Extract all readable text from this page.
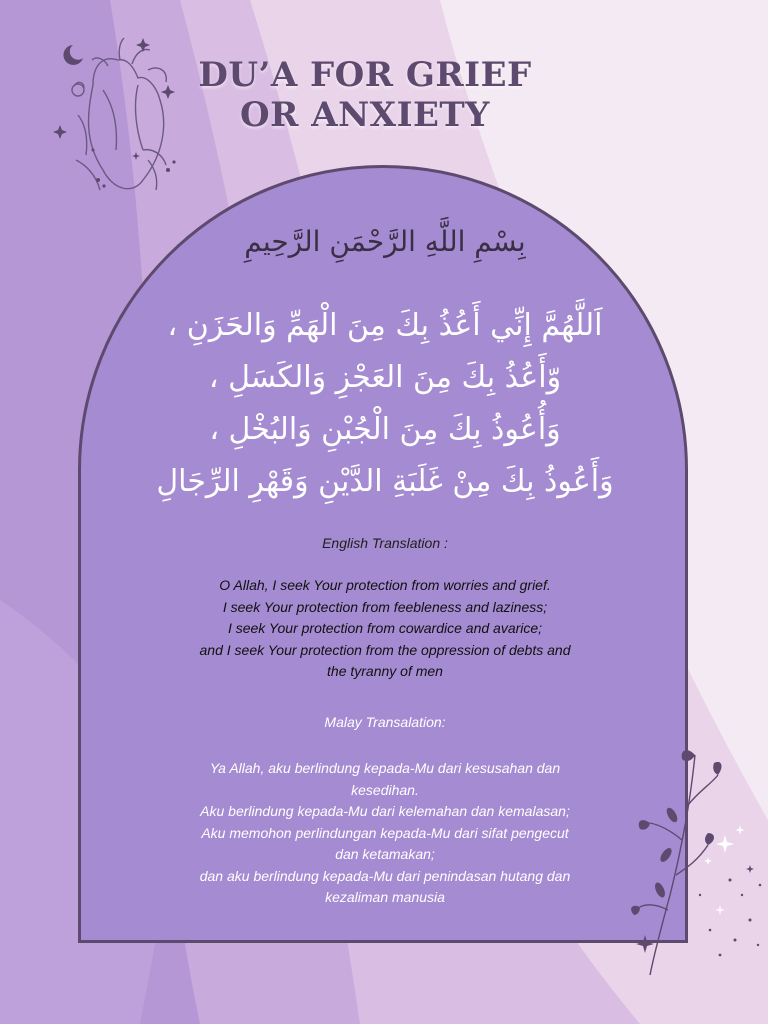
DU’A FOR GRIEF
OR ANXIETY
بِسْمِ اللَّهِ الرَّحْمَنِ الرَّحِيمِ
اَللَّهُمَّ إِنِّي أَعُذُ بِكَ مِنَ الْهَمِّ وَالحَزَنِ ،
وّأَعُذُ بِكَ مِنَ العَجْزِ وَالكَسَلِ ،
وَأُعُوذُ بِكَ مِنَ الْجُبْنِ وَالبُخْلِ ،
وَأَعُوذُ بِكَ مِنْ غَلَبَةِ الدَّيْنِ وَقَهْرِ الرِّجَالِ
English Translation :
O Allah, I seek Your protection from worries and grief.
I seek Your protection from feebleness and laziness;
I seek Your protection from cowardice and avarice;
and I seek Your protection from the oppression of debts and
the tyranny of men
Malay Transalation:
Ya Allah, aku berlindung kepada-Mu dari kesusahan dan
kesedihan.
Aku berlindung kepada-Mu dari kelemahan dan kemalasan;
Aku memohon perlindungan kepada-Mu dari sifat pengecut
dan ketamakan;
dan aku berlindung kepada-Mu dari penindasan hutang dan
kezaliman manusia
